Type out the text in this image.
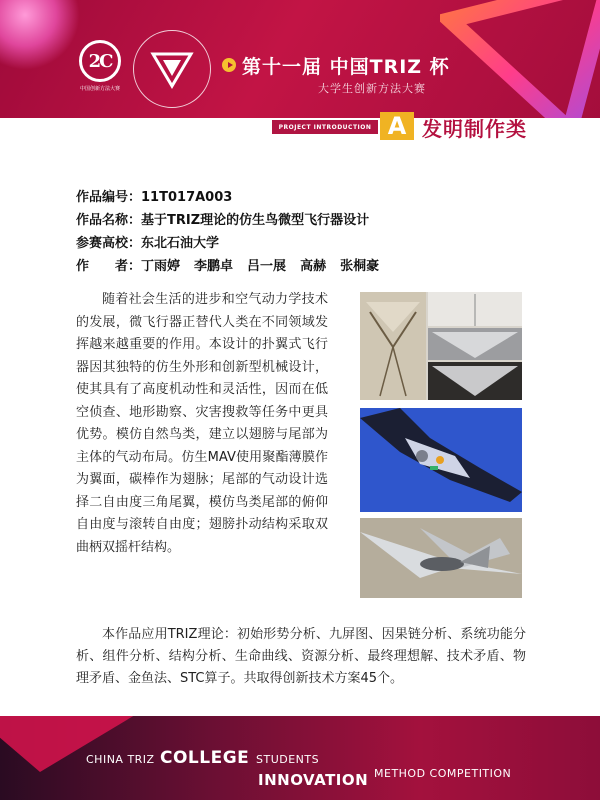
2C
中国创新方法大赛
第十一届 中国TRIZ 杯
大学生创新方法大赛
PROJECT INTRODUCTION A 发明制作类
作品编号：11T017A003
作品名称：基于TRIZ理论的仿生鸟微型飞行器设计
参赛高校：东北石油大学
作　　者：丁雨婷 李鹏卓 吕一展 高赫 张桐豪

随着社会生活的进步和空气动力学技术的发展，微飞行器正替代人类在不同领域发挥越来越重要的作用。本设计的扑翼式飞行器因其独特的仿生外形和创新型机械设计，使其具有了高度机动性和灵活性，因而在低空侦查、地形勘察、灾害搜救等任务中更具优势。模仿自然鸟类，建立以翅膀与尾部为主体的气动布局。仿生MAV使用聚酯薄膜作为翼面，碳棒作为翅脉；尾部的气动设计选择二自由度三角尾翼，模仿鸟类尾部的俯仰自由度与滚转自由度；翅膀扑动结构采取双曲柄双摇杆结构。

本作品应用TRIZ理论：初始形势分析、九屏图、因果链分析、系统功能分析、组件分析、结构分析、生命曲线、资源分析、最终理想解、技术矛盾、物理矛盾、金鱼法、STC算子。共取得创新技术方案45个。

CHINA TRIZ COLLEGE STUDENTS
INNOVATION METHOD COMPETITION
